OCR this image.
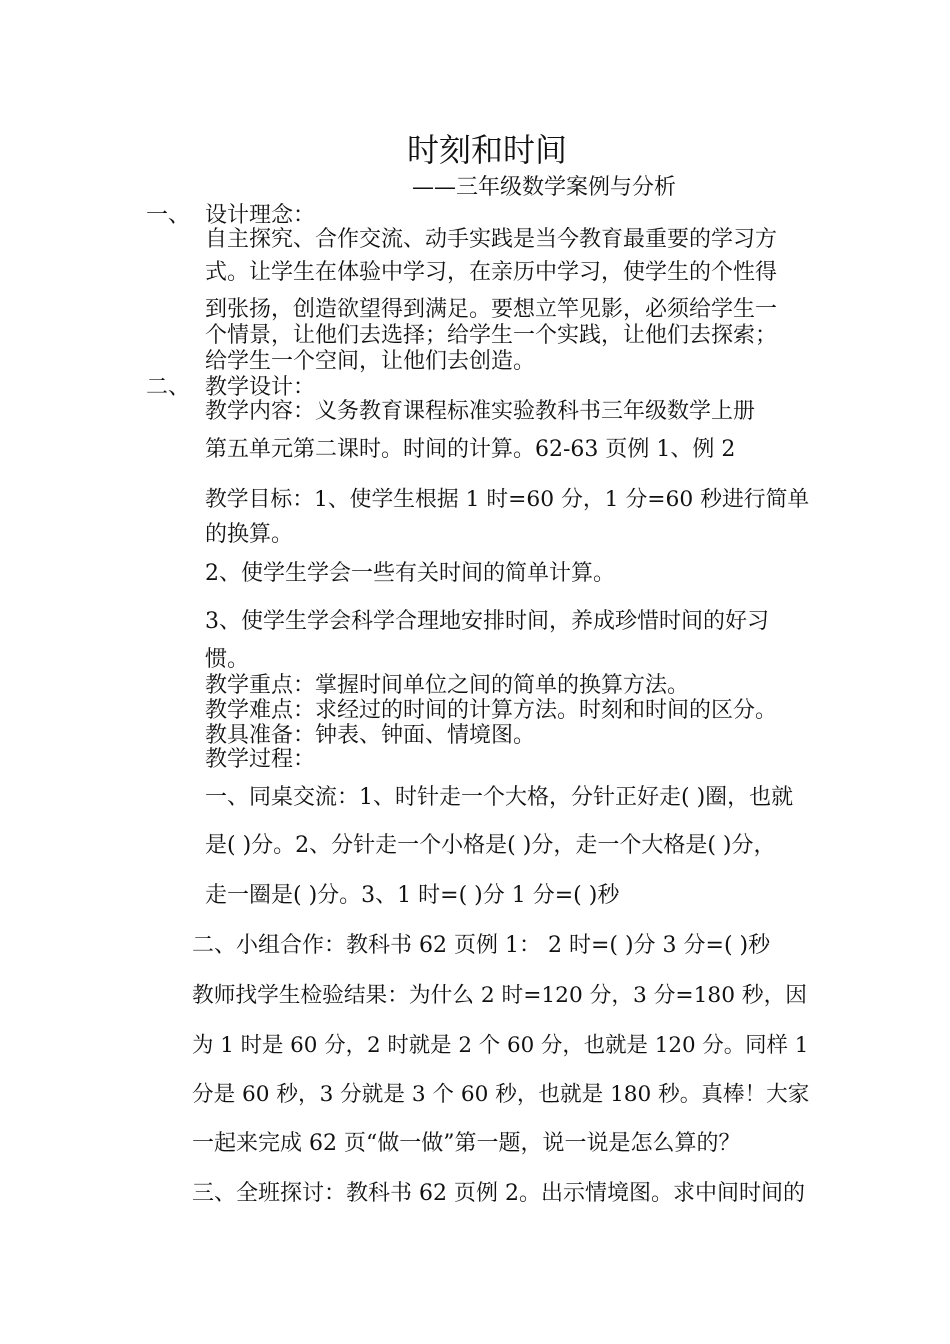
时刻和时间
——三年级数学案例与分析
一、 设计理念：
自主探究、合作交流、动手实践是当今教育最重要的学习方
式。让学生在体验中学习，在亲历中学习，使学生的个性得
到张扬，创造欲望得到满足。要想立竿见影，必须给学生一
个情景，让他们去选择；给学生一个实践，让他们去探索；
给学生一个空间，让他们去创造。
二、 教学设计：
教学内容：义务教育课程标准实验教科书三年级数学上册
第五单元第二课时。时间的计算。62-63 页例 1、例 2
教学目标：1、使学生根据 1 时=60 分，1 分=60 秒进行简单
的换算。
2、使学生学会一些有关时间的简单计算。
3、使学生学会科学合理地安排时间，养成珍惜时间的好习
惯。
教学重点：掌握时间单位之间的简单的换算方法。
教学难点：求经过的时间的计算方法。时刻和时间的区分。
教具准备：钟表、钟面、情境图。
教学过程：
一、同桌交流：1、时针走一个大格，分针正好走( )圈，也就
是( )分。2、分针走一个小格是( )分，走一个大格是( )分，
走一圈是( )分。3、1 时=( )分 1 分=( )秒
二、小组合作：教科书 62 页例 1： 2 时=( )分 3 分=( )秒
教师找学生检验结果：为什么 2 时=120 分，3 分=180 秒，因
为 1 时是 60 分，2 时就是 2 个 60 分，也就是 120 分。同样 1
分是 60 秒，3 分就是 3 个 60 秒，也就是 180 秒。真棒！大家
一起来完成 62 页“做一做”第一题，说一说是怎么算的？
三、全班探讨：教科书 62 页例 2。出示情境图。求中间时间的
